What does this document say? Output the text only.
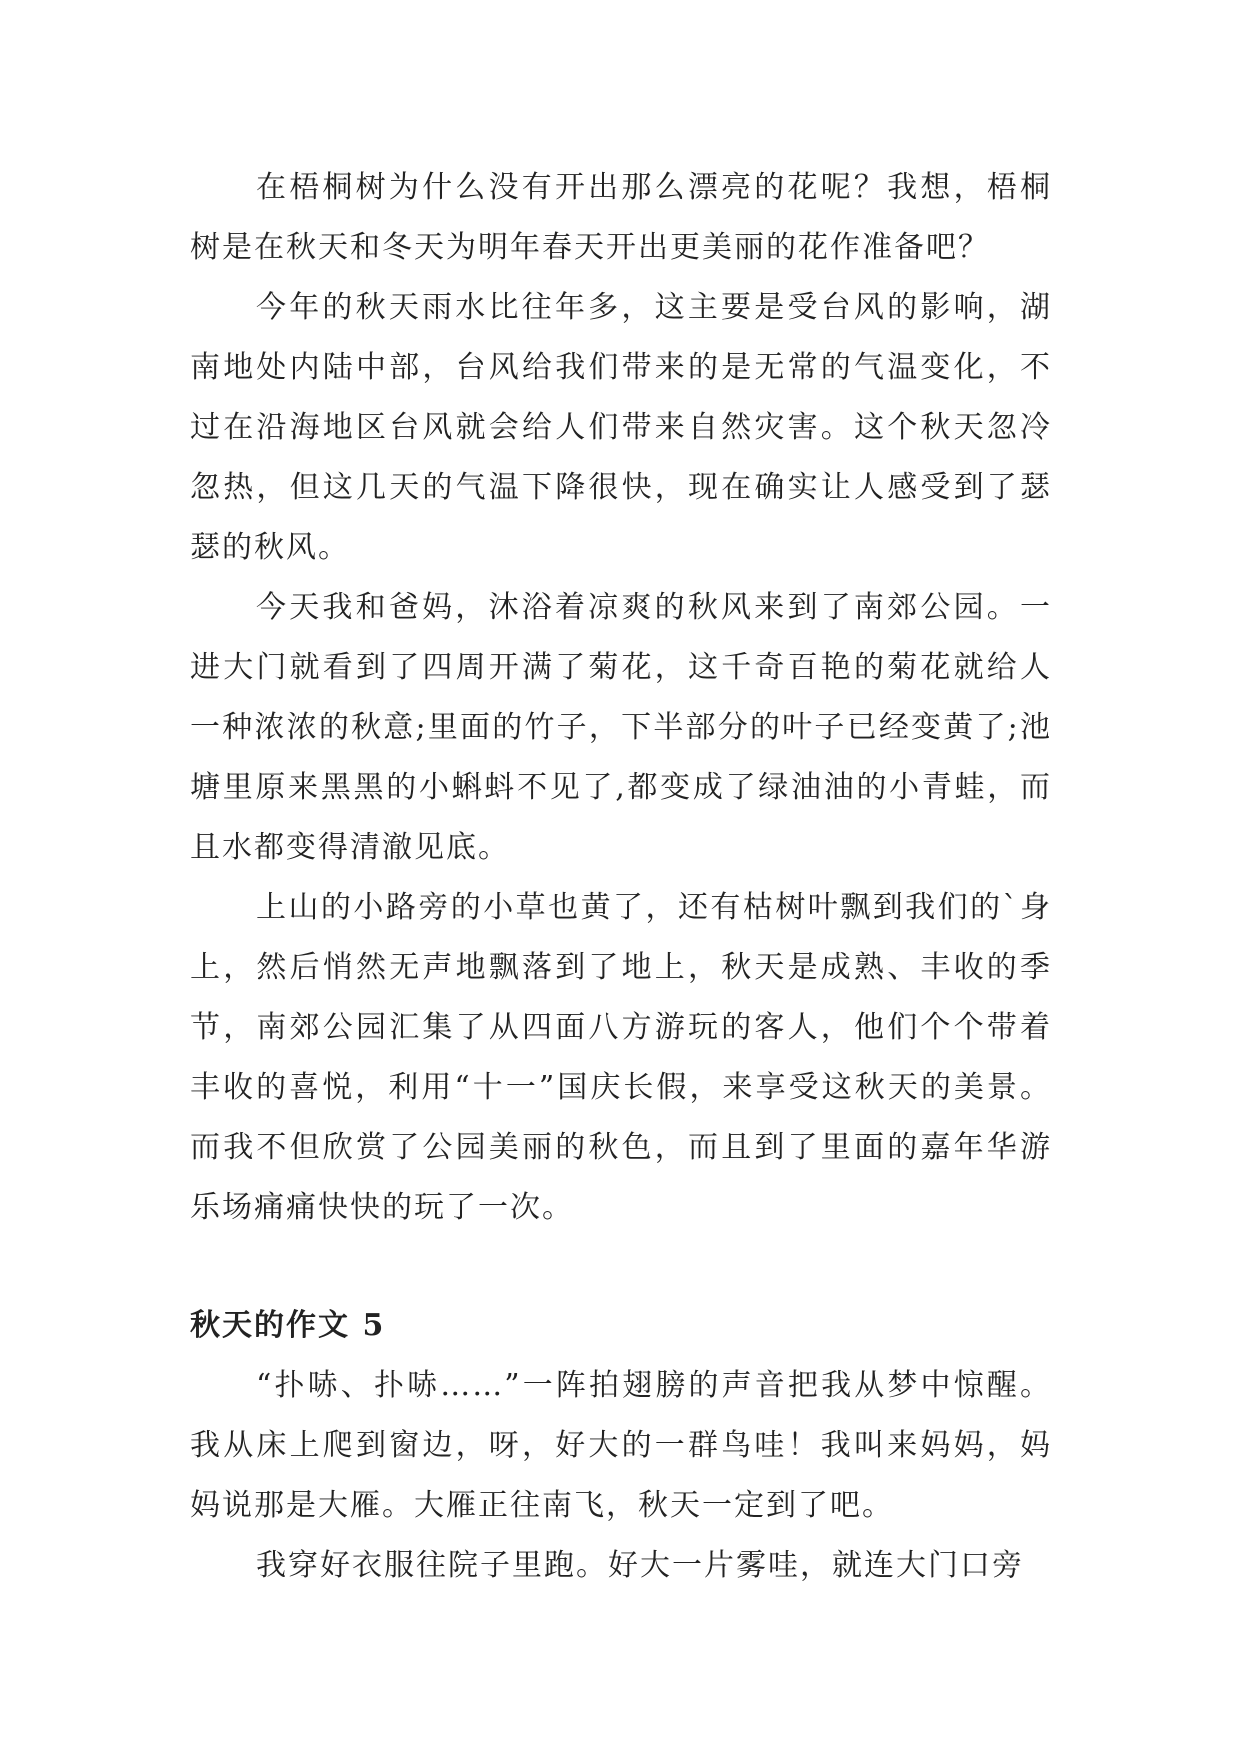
在梧桐树为什么没有开出那么漂亮的花呢？我想，梧桐树是在秋天和冬天为明年春天开出更美丽的花作准备吧？

今年的秋天雨水比往年多，这主要是受台风的影响，湖南地处内陆中部，台风给我们带来的是无常的气温变化，不过在沿海地区台风就会给人们带来自然灾害。这个秋天忽冷忽热，但这几天的气温下降很快，现在确实让人感受到了瑟瑟的秋风。

今天我和爸妈，沐浴着凉爽的秋风来到了南郊公园。一进大门就看到了四周开满了菊花，这千奇百艳的菊花就给人一种浓浓的秋意;里面的竹子，下半部分的叶子已经变黄了;池塘里原来黑黑的小蝌蚪不见了,都变成了绿油油的小青蛙，而且水都变得清澈见底。

上山的小路旁的小草也黄了，还有枯树叶飘到我们的`身上，然后悄然无声地飘落到了地上，秋天是成熟、丰收的季节，南郊公园汇集了从四面八方游玩的客人，他们个个带着丰收的喜悦，利用“十一”国庆长假，来享受这秋天的美景。而我不但欣赏了公园美丽的秋色，而且到了里面的嘉年华游乐场痛痛快快的玩了一次。

秋天的作文 5

“扑哧、扑哧……”一阵拍翅膀的声音把我从梦中惊醒。我从床上爬到窗边，呀，好大的一群鸟哇！我叫来妈妈，妈妈说那是大雁。大雁正往南飞，秋天一定到了吧。

我穿好衣服往院子里跑。好大一片雾哇，就连大门口旁
